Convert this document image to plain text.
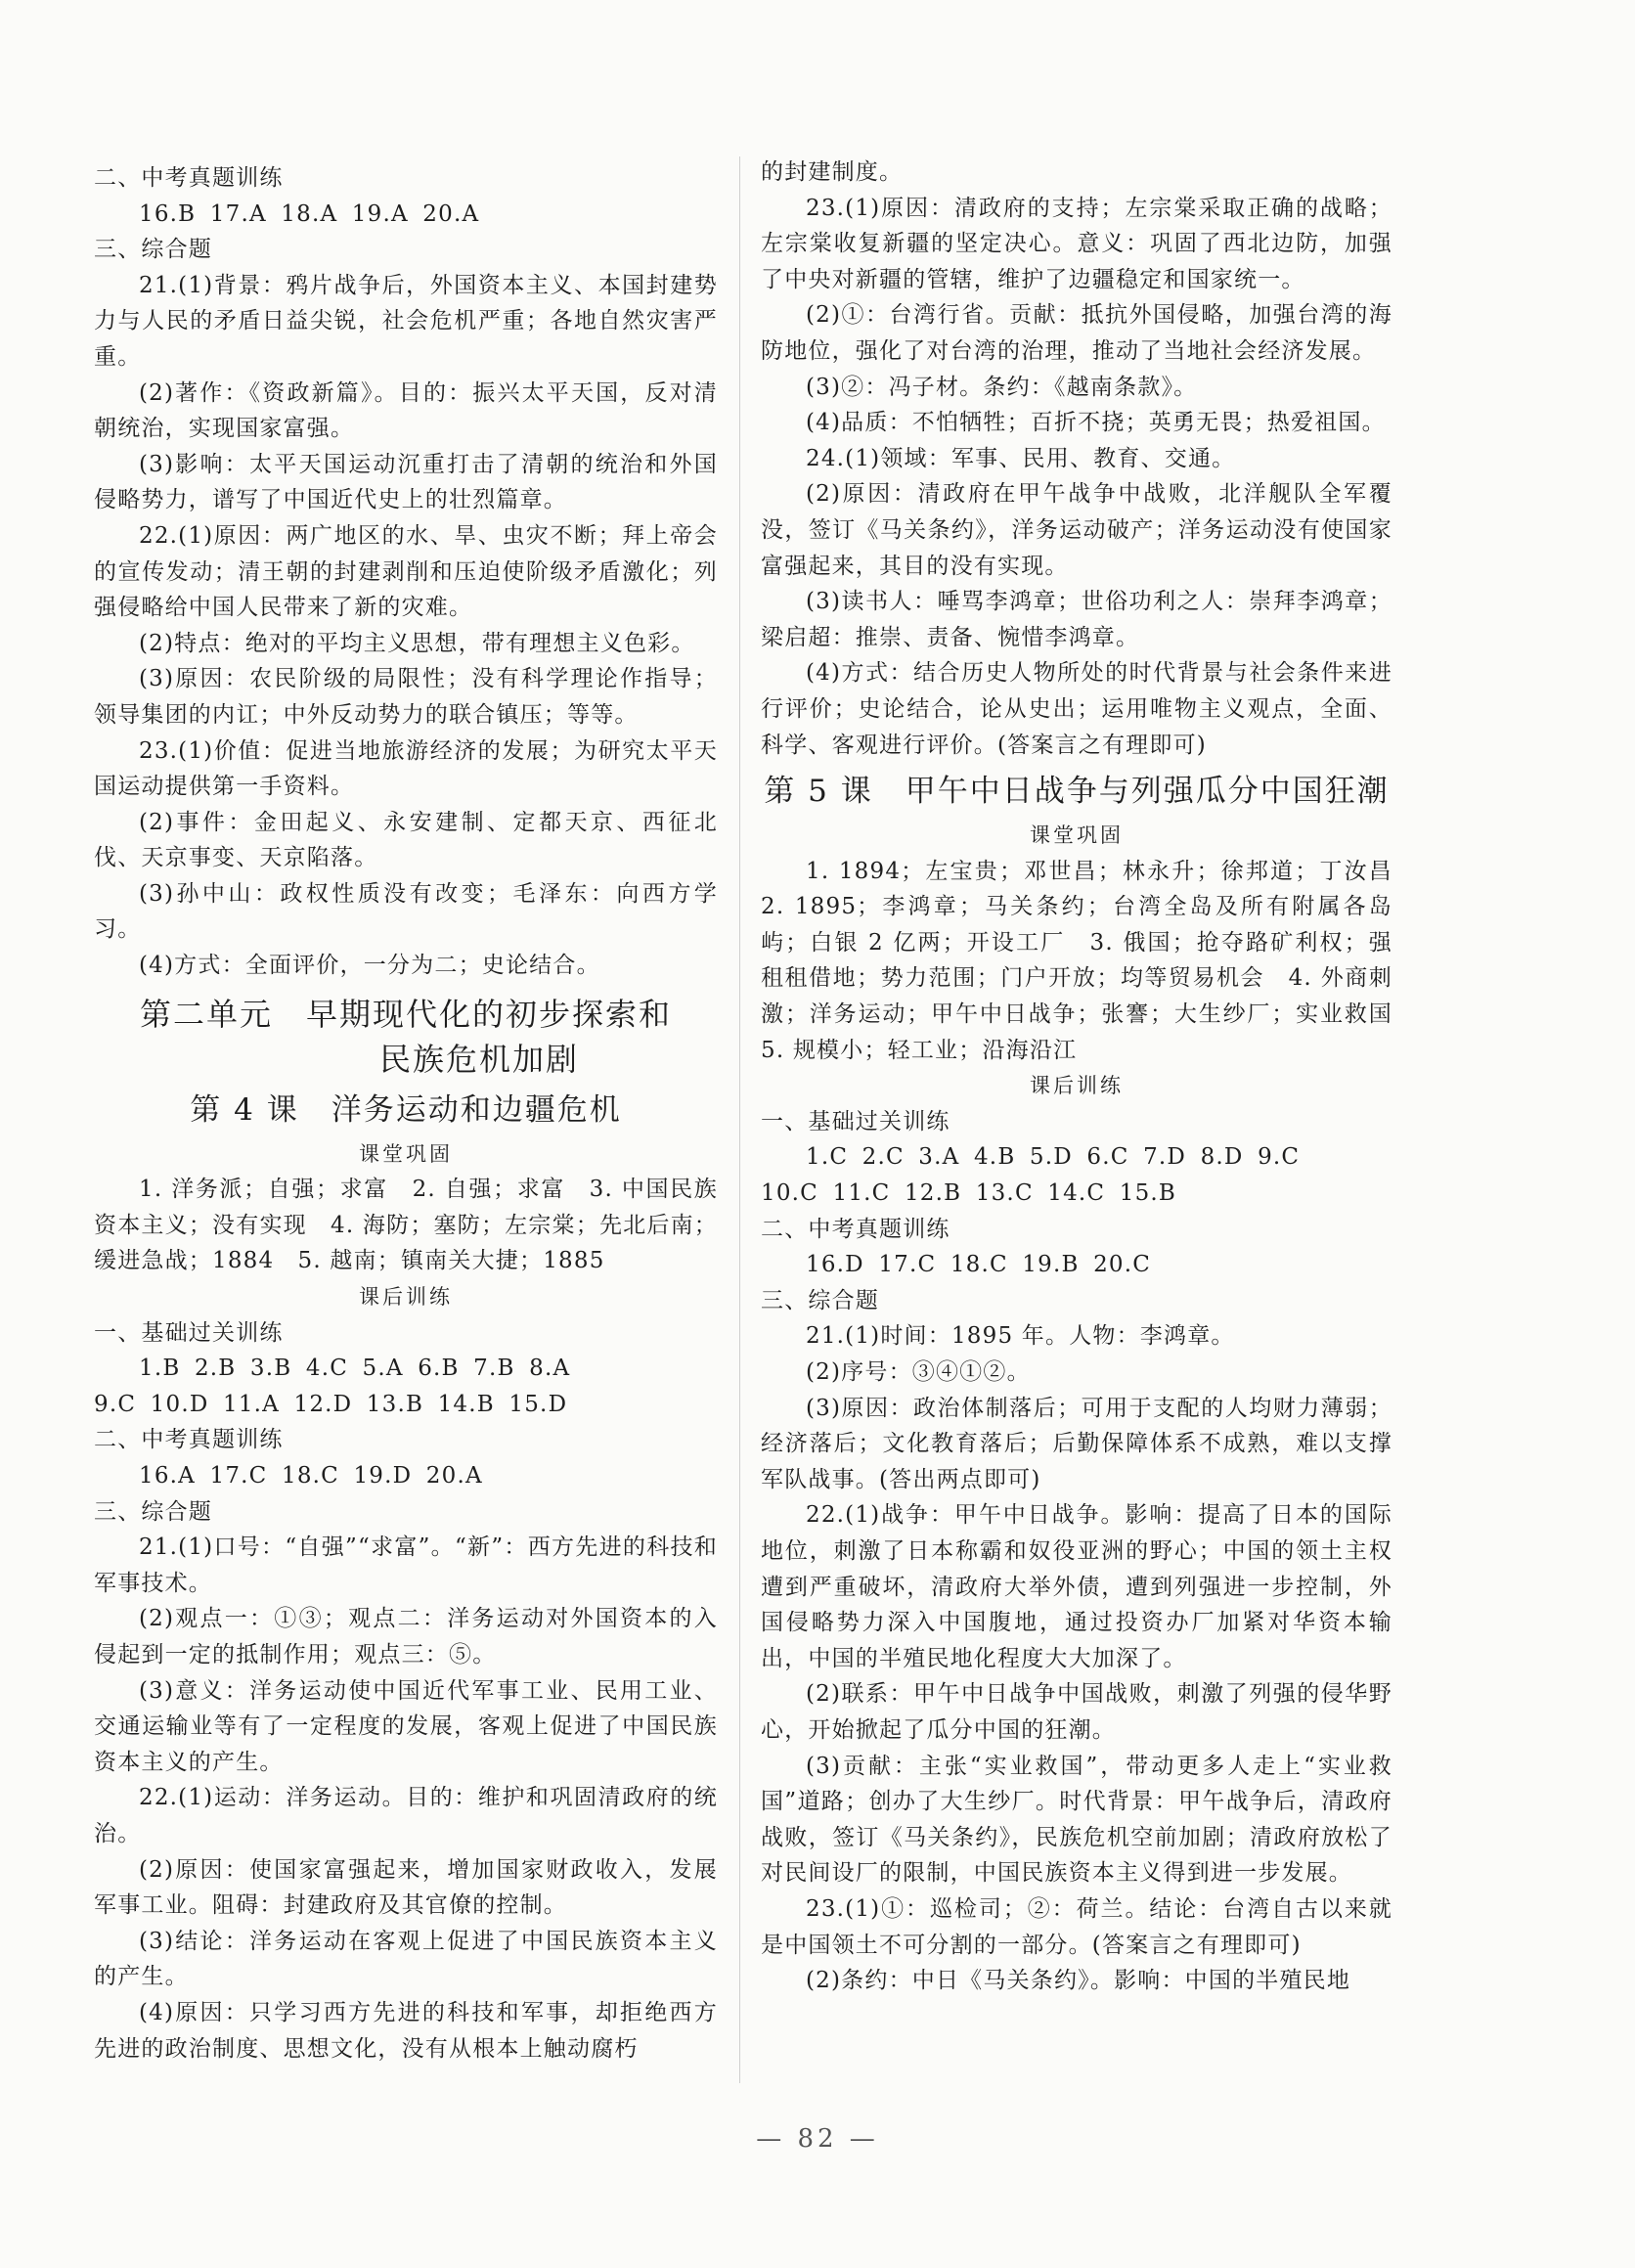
二、中考真题训练

16.B 17.A 18.A 19.A 20.A

三、综合题

21.(1)背景：鸦片战争后，外国资本主义、本国封建势力与人民的矛盾日益尖锐，社会危机严重；各地自然灾害严重。

(2)著作：《资政新篇》。目的：振兴太平天国，反对清朝统治，实现国家富强。

(3)影响：太平天国运动沉重打击了清朝的统治和外国侵略势力，谱写了中国近代史上的壮烈篇章。

22.(1)原因：两广地区的水、旱、虫灾不断；拜上帝会的宣传发动；清王朝的封建剥削和压迫使阶级矛盾激化；列强侵略给中国人民带来了新的灾难。

(2)特点：绝对的平均主义思想，带有理想主义色彩。

(3)原因：农民阶级的局限性；没有科学理论作指导；领导集团的内讧；中外反动势力的联合镇压；等等。

23.(1)价值：促进当地旅游经济的发展；为研究太平天国运动提供第一手资料。

(2)事件：金田起义、永安建制、定都天京、西征北伐、天京事变、天京陷落。

(3)孙中山：政权性质没有改变；毛泽东：向西方学习。

(4)方式：全面评价，一分为二；史论结合。

第二单元　早期现代化的初步探索和
民族危机加剧
第 4 课　洋务运动和边疆危机

课堂巩固

1. 洋务派；自强；求富　2. 自强；求富　3. 中国民族资本主义；没有实现　4. 海防；塞防；左宗棠；先北后南；缓进急战；1884　5. 越南；镇南关大捷；1885

课后训练

一、基础过关训练

1.B 2.B 3.B 4.C 5.A 6.B 7.B 8.A

9.C 10.D 11.A 12.D 13.B 14.B 15.D

二、中考真题训练

16.A 17.C 18.C 19.D 20.A

三、综合题

21.(1)口号：“自强”“求富”。“新”：西方先进的科技和军事技术。

(2)观点一：①③；观点二：洋务运动对外国资本的入侵起到一定的抵制作用；观点三：⑤。

(3)意义：洋务运动使中国近代军事工业、民用工业、交通运输业等有了一定程度的发展，客观上促进了中国民族资本主义的产生。

22.(1)运动：洋务运动。目的：维护和巩固清政府的统治。

(2)原因：使国家富强起来，增加国家财政收入，发展军事工业。阻碍：封建政府及其官僚的控制。

(3)结论：洋务运动在客观上促进了中国民族资本主义的产生。

(4)原因：只学习西方先进的科技和军事，却拒绝西方先进的政治制度、思想文化，没有从根本上触动腐朽

的封建制度。

23.(1)原因：清政府的支持；左宗棠采取正确的战略；左宗棠收复新疆的坚定决心。意义：巩固了西北边防，加强了中央对新疆的管辖，维护了边疆稳定和国家统一。

(2)①：台湾行省。贡献：抵抗外国侵略，加强台湾的海防地位，强化了对台湾的治理，推动了当地社会经济发展。

(3)②：冯子材。条约：《越南条款》。

(4)品质：不怕牺牲；百折不挠；英勇无畏；热爱祖国。

24.(1)领域：军事、民用、教育、交通。

(2)原因：清政府在甲午战争中战败，北洋舰队全军覆没，签订《马关条约》，洋务运动破产；洋务运动没有使国家富强起来，其目的没有实现。

(3)读书人：唾骂李鸿章；世俗功利之人：崇拜李鸿章；梁启超：推崇、责备、惋惜李鸿章。

(4)方式：结合历史人物所处的时代背景与社会条件来进行评价；史论结合，论从史出；运用唯物主义观点，全面、科学、客观进行评价。(答案言之有理即可)

第 5 课　甲午中日战争与列强瓜分中国狂潮

课堂巩固

1. 1894；左宝贵；邓世昌；林永升；徐邦道；丁汝昌　2. 1895；李鸿章；马关条约；台湾全岛及所有附属各岛屿；白银 2 亿两；开设工厂　3. 俄国；抢夺路矿利权；强租租借地；势力范围；门户开放；均等贸易机会　4. 外商刺激；洋务运动；甲午中日战争；张謇；大生纱厂；实业救国　5. 规模小；轻工业；沿海沿江

课后训练

一、基础过关训练

1.C 2.C 3.A 4.B 5.D 6.C 7.D 8.D 9.C

10.C 11.C 12.B 13.C 14.C 15.B

二、中考真题训练

16.D 17.C 18.C 19.B 20.C

三、综合题

21.(1)时间：1895 年。人物：李鸿章。

(2)序号：③④①②。

(3)原因：政治体制落后；可用于支配的人均财力薄弱；经济落后；文化教育落后；后勤保障体系不成熟，难以支撑军队战事。(答出两点即可)

22.(1)战争：甲午中日战争。影响：提高了日本的国际地位，刺激了日本称霸和奴役亚洲的野心；中国的领土主权遭到严重破坏，清政府大举外债，遭到列强进一步控制，外国侵略势力深入中国腹地，通过投资办厂加紧对华资本输出，中国的半殖民地化程度大大加深了。

(2)联系：甲午中日战争中国战败，刺激了列强的侵华野心，开始掀起了瓜分中国的狂潮。

(3)贡献：主张“实业救国”，带动更多人走上“实业救国”道路；创办了大生纱厂。时代背景：甲午战争后，清政府战败，签订《马关条约》，民族危机空前加剧；清政府放松了对民间设厂的限制，中国民族资本主义得到进一步发展。

23.(1)①：巡检司；②：荷兰。结论：台湾自古以来就是中国领土不可分割的一部分。(答案言之有理即可)

(2)条约：中日《马关条约》。影响：中国的半殖民地

— 82 —
